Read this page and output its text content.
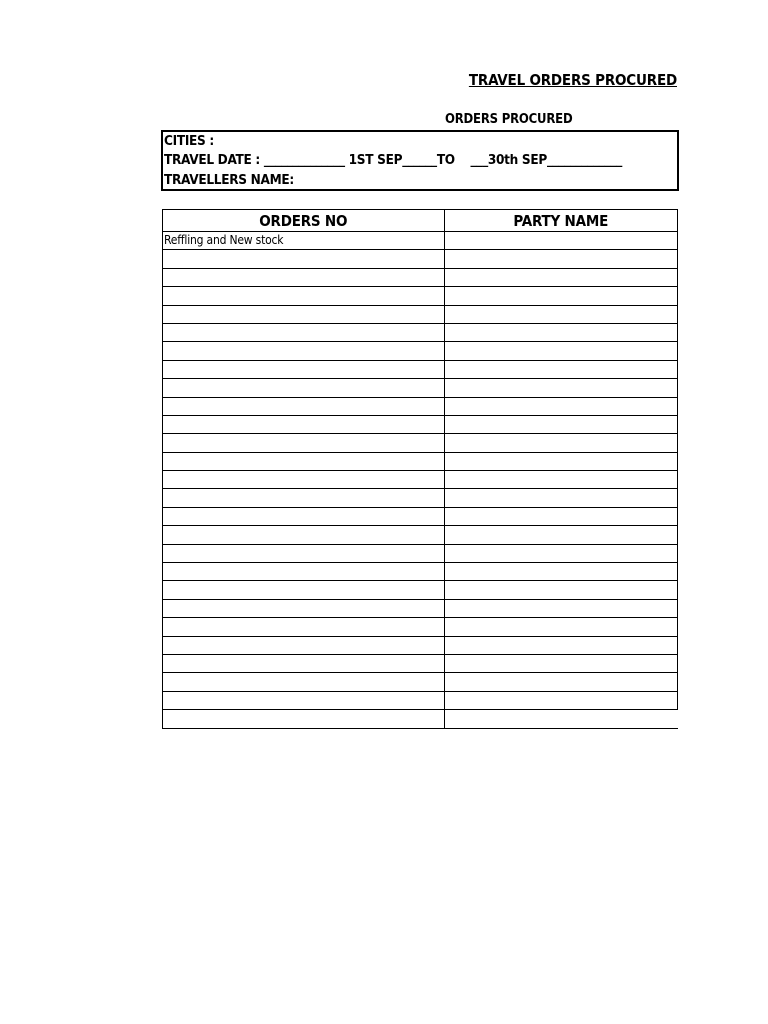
TRAVEL ORDERS PROCURED
ORDERS PROCURED
CITIES :
TRAVEL DATE : ______________ 1ST SEP______TO    ___30th SEP_____________
TRAVELLERS NAME:
ORDERS NO	PARTY NAME
Reffling and New stock	
